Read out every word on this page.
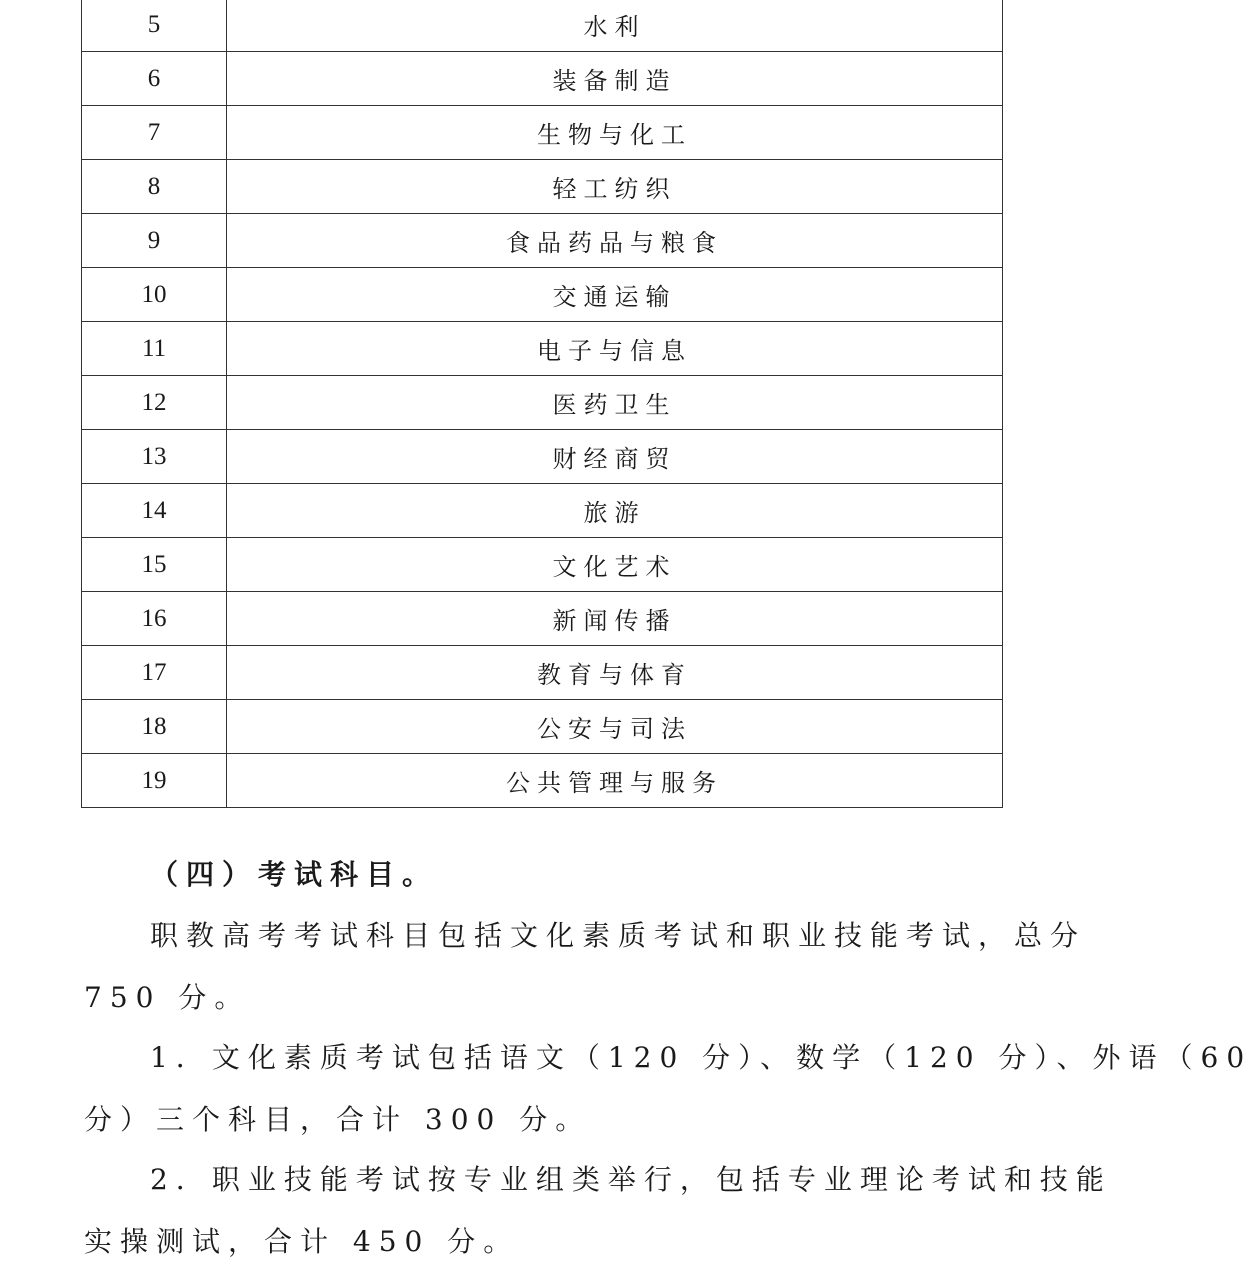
5	水利
6	装备制造
7	生物与化工
8	轻工纺织
9	食品药品与粮食
10	交通运输
11	电子与信息
12	医药卫生
13	财经商贸
14	旅游
15	文化艺术
16	新闻传播
17	教育与体育
18	公安与司法
19	公共管理与服务
（四）考试科目。
职教高考考试科目包括文化素质考试和职业技能考试，总分
750 分。
1．文化素质考试包括语文（120 分）、数学（120 分）、外语（60
分）三个科目，合计 300 分。
2．职业技能考试按专业组类举行，包括专业理论考试和技能
实操测试，合计 450 分。
